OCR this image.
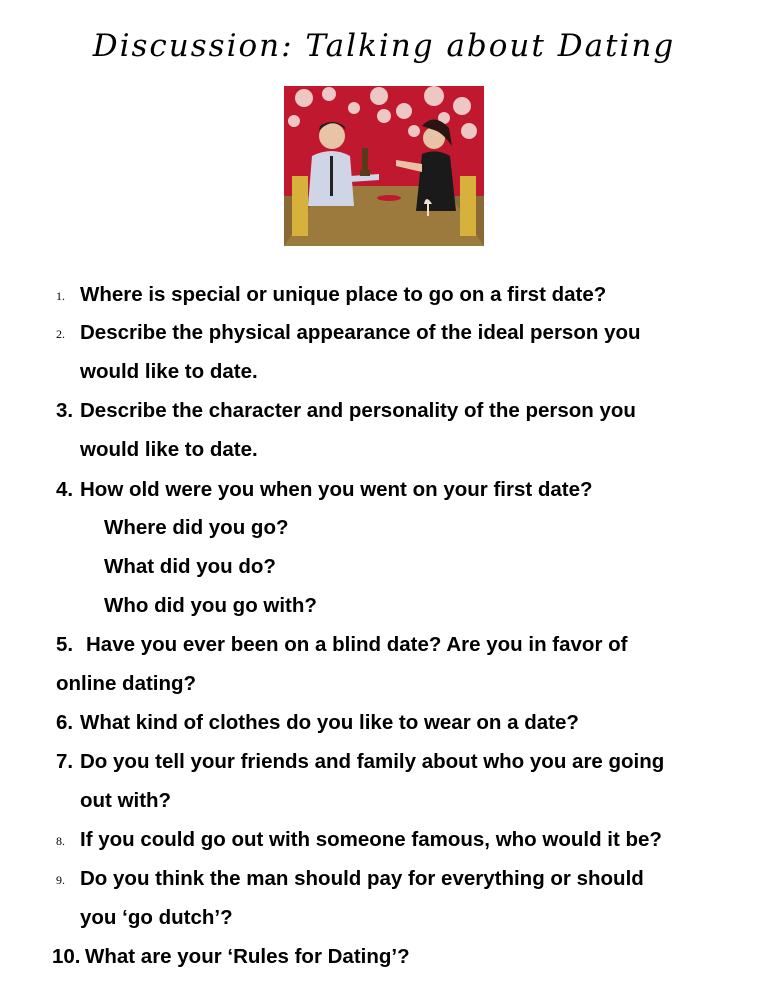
Discussion: Talking about Dating
1. Where is special or unique place to go on a first date?
2. Describe the physical appearance of the ideal person you
would like to date.
3. Describe the character and personality of the person you
would like to date.
4. How old were you when you went on your first date?
Where did you go?
What did you do?
Who did you go with?
5. Have you ever been on a blind date? Are you in favor of
online dating?
6. What kind of clothes do you like to wear on a date?
7. Do you tell your friends and family about who you are going
out with?
8. If you could go out with someone famous, who would it be?
9. Do you think the man should pay for everything or should
you ‘go dutch’?
10. What are your ‘Rules for Dating’?
